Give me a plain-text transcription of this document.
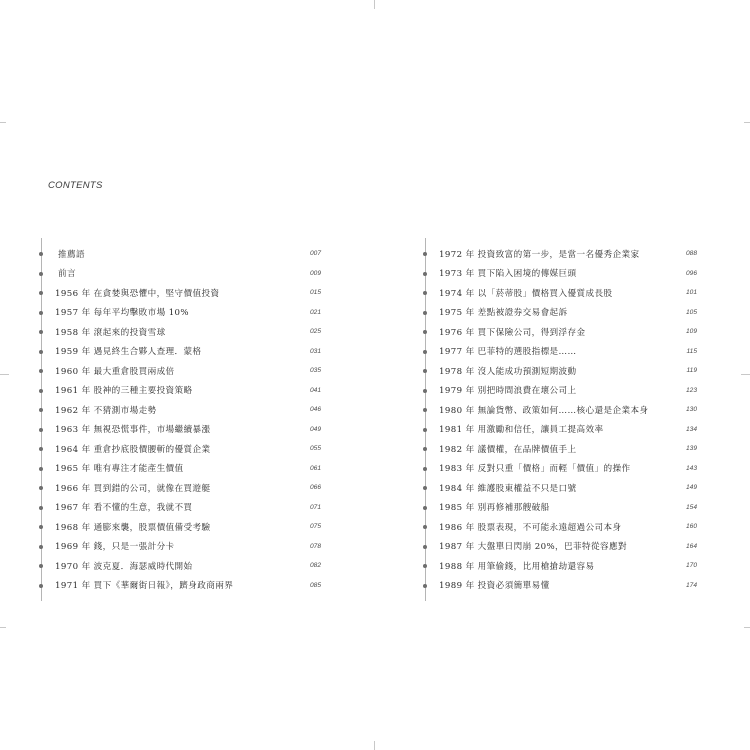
CONTENTS
推薦語	007
前言	009
1956 年 在貪婪與恐懼中，堅守價值投資	015
1957 年 每年平均擊敗市場 10%	021
1958 年 滾起來的投資雪球	025
1959 年 遇見終生合夥人查理．蒙格	031
1960 年 最大重倉股買兩成倍	035
1961 年 股神的三種主要投資策略	041
1962 年 不猜測市場走勢	046
1963 年 無視恐慌事件，市場繼續暴漲	049
1964 年 重倉抄底股價腰斬的優質企業	055
1965 年 唯有專注才能產生價值	061
1966 年 買到錯的公司，就像在買遊艇	066
1967 年 看不懂的生意，我就不買	071
1968 年 通膨來襲，股票價值備受考驗	075
1969 年 錢，只是一張計分卡	078
1970 年 波克夏．海瑟威時代開始	082
1971 年 買下《華爾街日報》，躋身政商兩界	085
1972 年 投資致富的第一步，是當一名優秀企業家	088
1973 年 買下陷入困境的傳媒巨頭	096
1974 年 以「菸蒂股」價格買入優質成長股	101
1975 年 差點被證券交易會起訴	105
1976 年 買下保險公司，得到浮存金	109
1977 年 巴菲特的選股指標是……	115
1978 年 沒人能成功預測短期波動	119
1979 年 別把時間浪費在壞公司上	123
1980 年 無論貨幣、政策如何……核心還是企業本身	130
1981 年 用激勵和信任，讓員工提高效率	134
1982 年 議價權，在品牌價值手上	139
1983 年 反對只重「價格」而輕「價值」的操作	143
1984 年 維護股東權益不只是口號	149
1985 年 別再修補那艘破船	154
1986 年 股票表現，不可能永遠超過公司本身	160
1987 年 大盤單日閃崩 20%，巴菲特從容應對	164
1988 年 用筆偷錢，比用槍搶劫還容易	170
1989 年 投資必須簡單易懂	174
